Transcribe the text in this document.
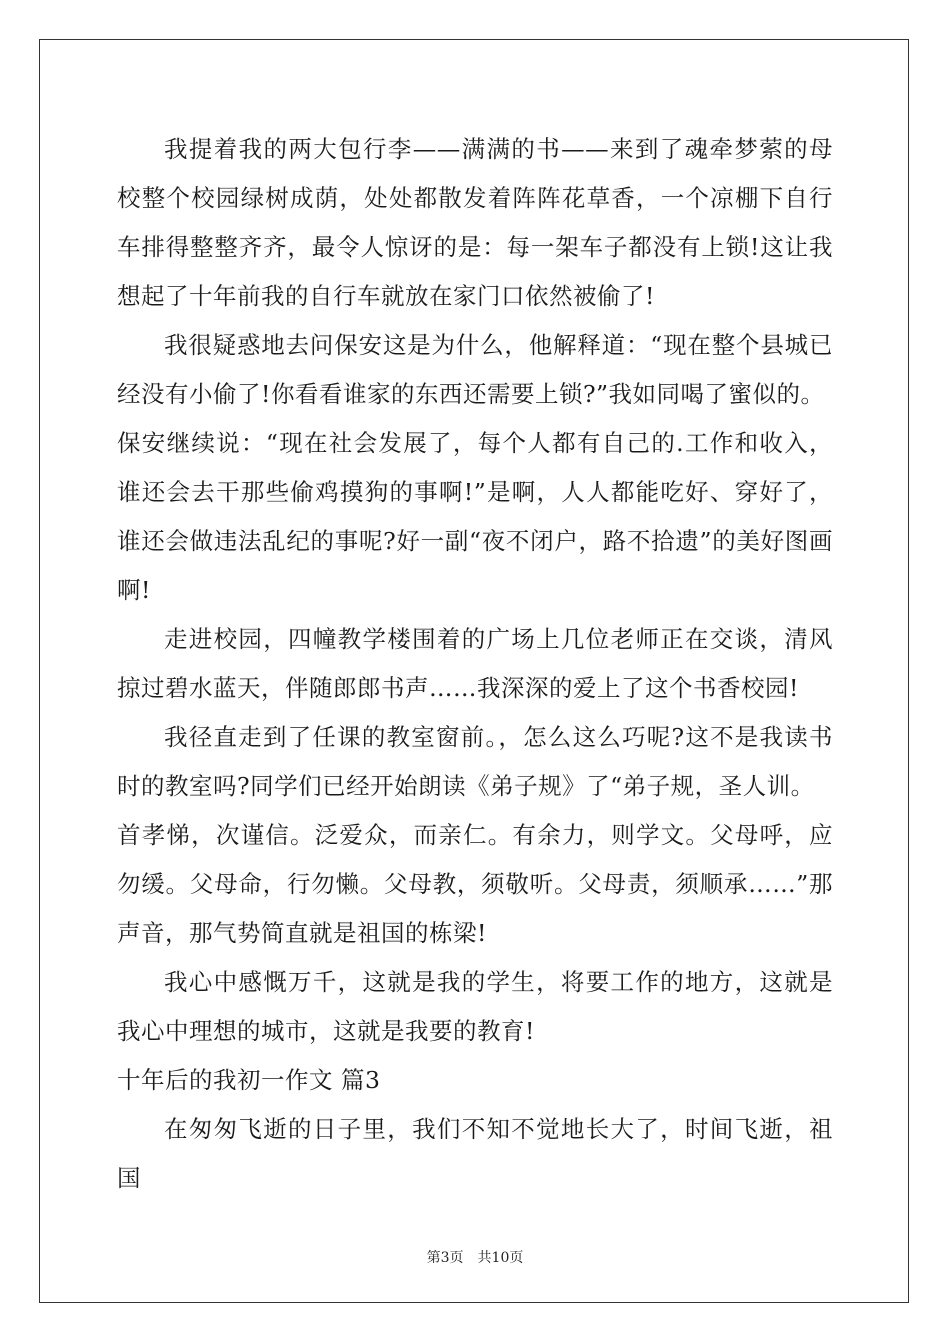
我提着我的两大包行李——满满的书——来到了魂牵梦萦的母校整个校园绿树成荫，处处都散发着阵阵花草香，一个凉棚下自行车排得整整齐齐，最令人惊讶的是：每一架车子都没有上锁!这让我想起了十年前我的自行车就放在家门口依然被偷了!

我很疑惑地去问保安这是为什么，他解释道：“现在整个县城已经没有小偷了!你看看谁家的东西还需要上锁?”我如同喝了蜜似的。

保安继续说：“现在社会发展了，每个人都有自己的.工作和收入，谁还会去干那些偷鸡摸狗的事啊!”是啊，人人都能吃好、穿好了，谁还会做违法乱纪的事呢?好一副“夜不闭户，路不拾遗”的美好图画啊!

走进校园，四幢教学楼围着的广场上几位老师正在交谈，清风掠过碧水蓝天，伴随郎郎书声……我深深的爱上了这个书香校园!

我径直走到了任课的教室窗前。，怎么这么巧呢?这不是我读书时的教室吗?同学们已经开始朗读《弟子规》了“弟子规，圣人训。

首孝悌，次谨信。泛爱众，而亲仁。有余力，则学文。父母呼，应勿缓。父母命，行勿懒。父母教，须敬听。父母责，须顺承……”那声音，那气势简直就是祖国的栋梁!

我心中感慨万千，这就是我的学生，将要工作的地方，这就是我心中理想的城市，这就是我要的教育!

十年后的我初一作文 篇3

在匆匆飞逝的日子里，我们不知不觉地长大了，时间飞逝，祖国

第3页 共10页
